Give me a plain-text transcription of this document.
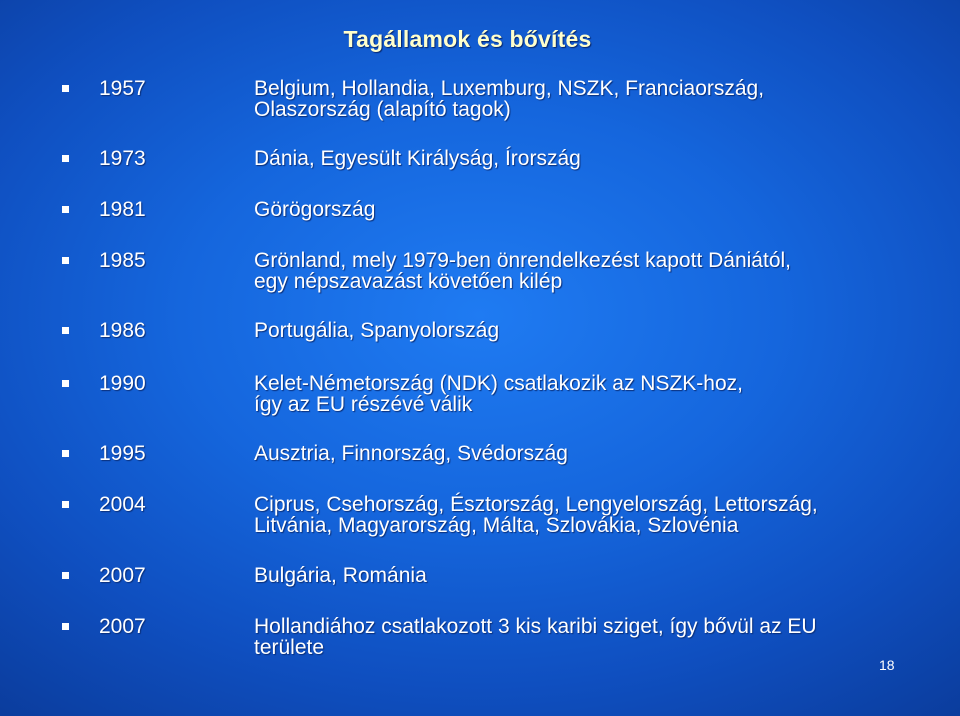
Tagállamok és bővítés
1957	Belgium, Hollandia, Luxemburg, NSZK, Franciaország,
Olaszország (alapító tagok)
1973	Dánia, Egyesült Királyság, Írország
1981	Görögország
1985	Grönland, mely 1979-ben önrendelkezést kapott Dániától,
egy népszavazást követően kilép
1986	Portugália, Spanyolország
1990	Kelet-Németország (NDK) csatlakozik az NSZK-hoz,
így az EU részévé válik
1995	Ausztria, Finnország, Svédország
2004	Ciprus, Csehország, Észtország, Lengyelország, Lettország,
Litvánia, Magyarország, Málta, Szlovákia, Szlovénia
2007	Bulgária, Románia
2007	Hollandiához csatlakozott 3 kis karibi sziget, így bővül az EU
területe
18
